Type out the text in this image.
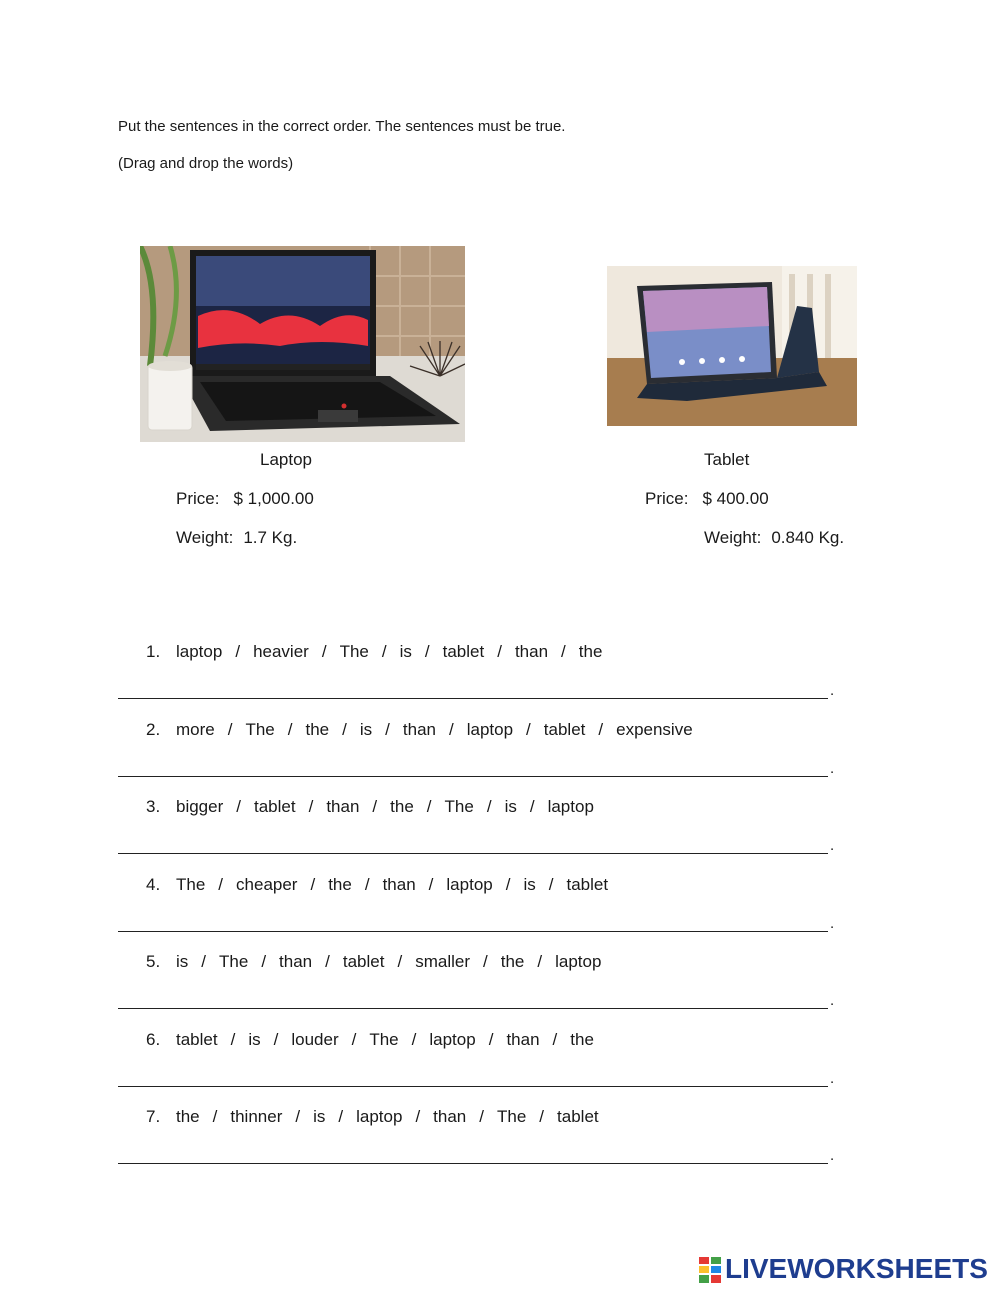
Put the sentences in the correct order. The sentences must be true.
(Drag and drop the words)
Laptop	Tablet
Price: $ 1,000.00
Weight: 1.7 Kg.
Price: $ 400.00
Weight: 0.840 Kg.
1. laptop / heavier / The / is / tablet / than / the
.
2. more / The / the / is / than / laptop / tablet / expensive
.
3. bigger / tablet / than / the / The / is / laptop
.
4. The / cheaper / the / than / laptop / is / tablet
.
5. is / The / than / tablet / smaller / the / laptop
.
6. tablet / is / louder / The / laptop / than / the
.
7. the / thinner / is / laptop / than / The / tablet
.
LIVEWORKSHEETS
